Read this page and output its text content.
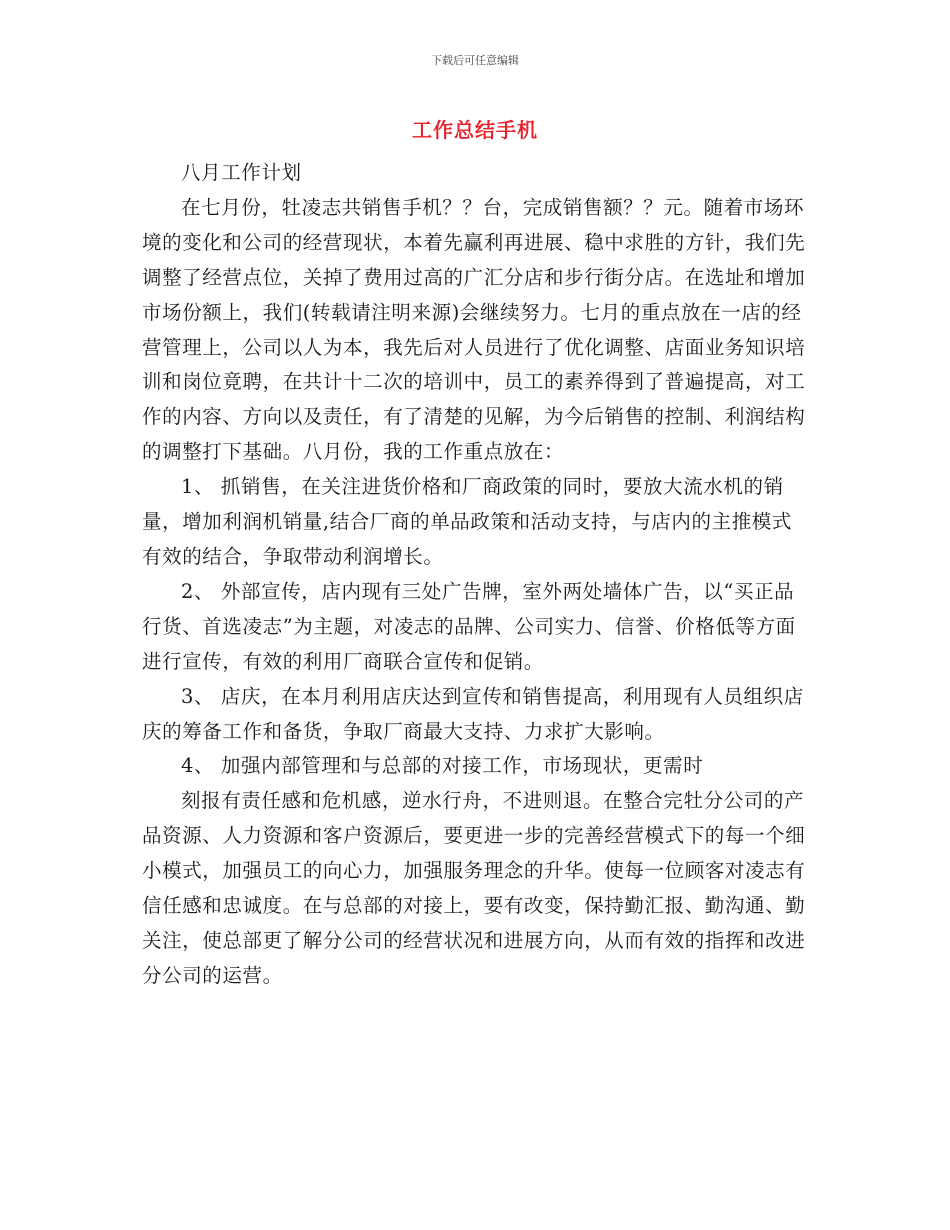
下载后可任意编辑
工作总结手机

八月工作计划

在七月份，牡凌志共销售手机？？台，完成销售额？？元。随着市场环境的变化和公司的经营现状，本着先赢利再进展、稳中求胜的方针，我们先调整了经营点位，关掉了费用过高的广汇分店和步行街分店。在选址和增加市场份额上，我们(转载请注明来源)会继续努力。七月的重点放在一店的经营管理上，公司以人为本，我先后对人员进行了优化调整、店面业务知识培训和岗位竟聘，在共计十二次的培训中，员工的素养得到了普遍提高，对工作的内容、方向以及责任，有了清楚的见解，为今后销售的控制、利润结构的调整打下基础。八月份，我的工作重点放在：

1、 抓销售，在关注进货价格和厂商政策的同时，要放大流水机的销量，增加利润机销量,结合厂商的单品政策和活动支持，与店内的主推模式有效的结合，争取带动利润增长。

2、 外部宣传，店内现有三处广告牌，室外两处墙体广告，以“买正品行货、首选凌志”为主题，对凌志的品牌、公司实力、信誉、价格低等方面进行宣传，有效的利用厂商联合宣传和促销。

3、 店庆，在本月利用店庆达到宣传和销售提高，利用现有人员组织店庆的筹备工作和备货，争取厂商最大支持、力求扩大影响。

4、 加强内部管理和与总部的对接工作，市场现状，更需时

刻报有责任感和危机感，逆水行舟，不进则退。在整合完牡分公司的产品资源、人力资源和客户资源后，要更进一步的完善经营模式下的每一个细小模式，加强员工的向心力，加强服务理念的升华。使每一位顾客对凌志有信任感和忠诚度。在与总部的对接上，要有改变，保持勤汇报、勤沟通、勤关注，使总部更了解分公司的经营状况和进展方向，从而有效的指挥和改进分公司的运营。
